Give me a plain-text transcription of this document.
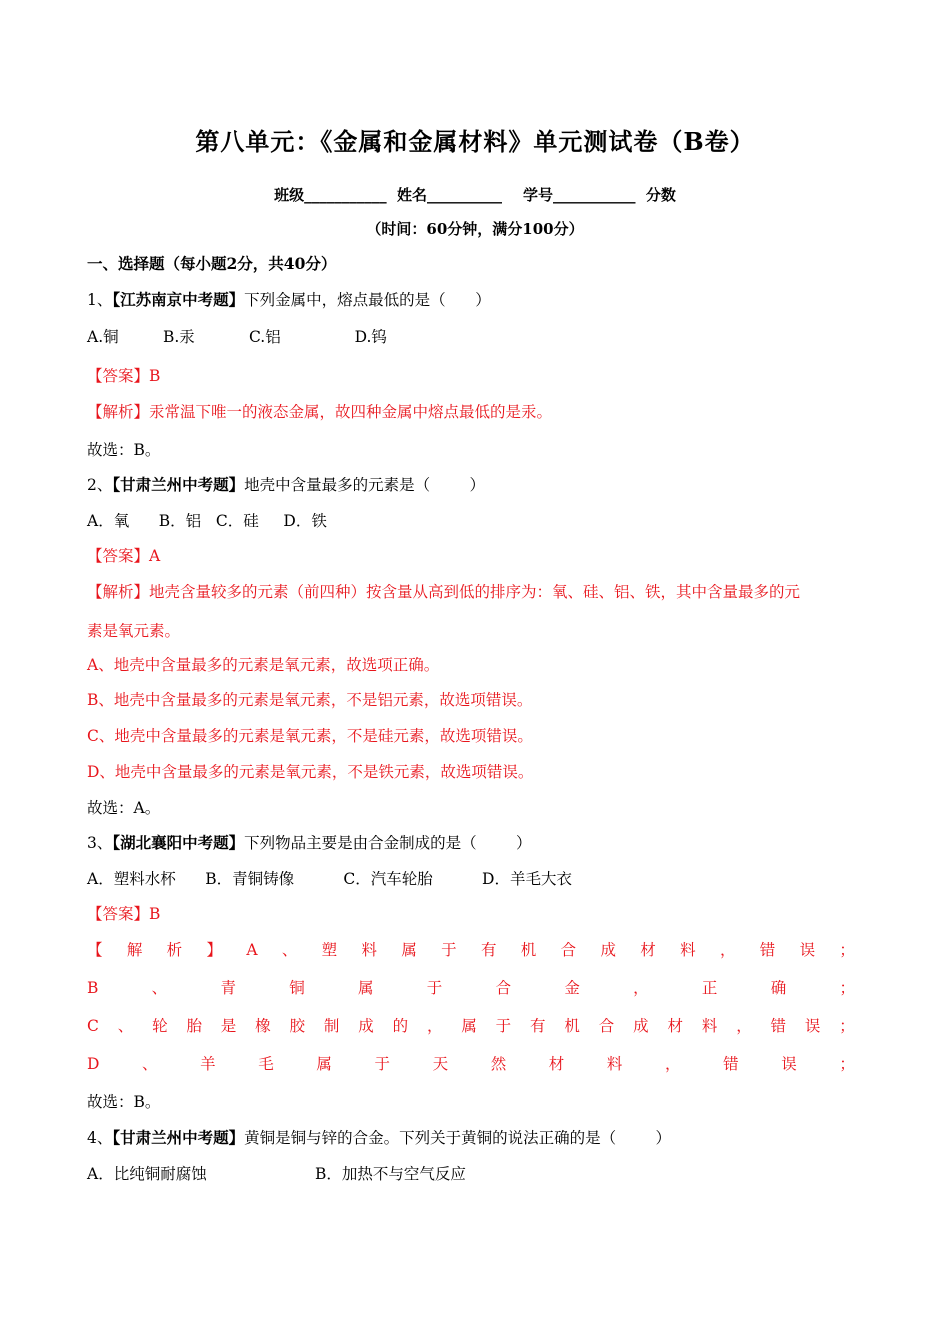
第八单元：《金属和金属材料》单元测试卷（B卷）
班级___________  姓名__________    学号___________  分数
（时间：60分钟，满分100分）
一、选择题（每小题2分，共40分）
1、【江苏南京中考题】下列金属中，熔点最低的是（      ）
A.铜         B.汞           C.铝               D.钨
【答案】B
【解析】汞常温下唯一的液态金属，故四种金属中熔点最低的是汞。
故选：B。
2、【甘肃兰州中考题】地壳中含量最多的元素是（        ）
A．氧      B．铝   C．硅     D．铁
【答案】A
【解析】地壳含量较多的元素（前四种）按含量从高到低的排序为：氧、硅、铝、铁，其中含量最多的元
素是氧元素。
A、地壳中含量最多的元素是氧元素，故选项正确。
B、地壳中含量最多的元素是氧元素，不是铝元素，故选项错误。
C、地壳中含量最多的元素是氧元素，不是硅元素，故选项错误。
D、地壳中含量最多的元素是氧元素，不是铁元素，故选项错误。
故选：A。
3、【湖北襄阳中考题】下列物品主要是由合金制成的是（        ）
A．塑料水杯      B．青铜铸像          C．汽车轮胎          D．羊毛大衣
【答案】B
【 解 析 】 A 、 塑 料 属 于 有 机 合 成 材 料 ， 错 误 ；
B	、	青	铜	属	于	合	金	，	正	确	；
C 、 轮 胎 是 橡 胶 制 成 的 ， 属 于 有 机 合 成 材 料 ， 错 误 ；
D	、	羊	毛	属	于	天	然	材	料	，	错	误	；
故选：B。
4、【甘肃兰州中考题】黄铜是铜与锌的合金。下列关于黄铜的说法正确的是（        ）
A．比纯铜耐腐蚀	B．加热不与空气反应
